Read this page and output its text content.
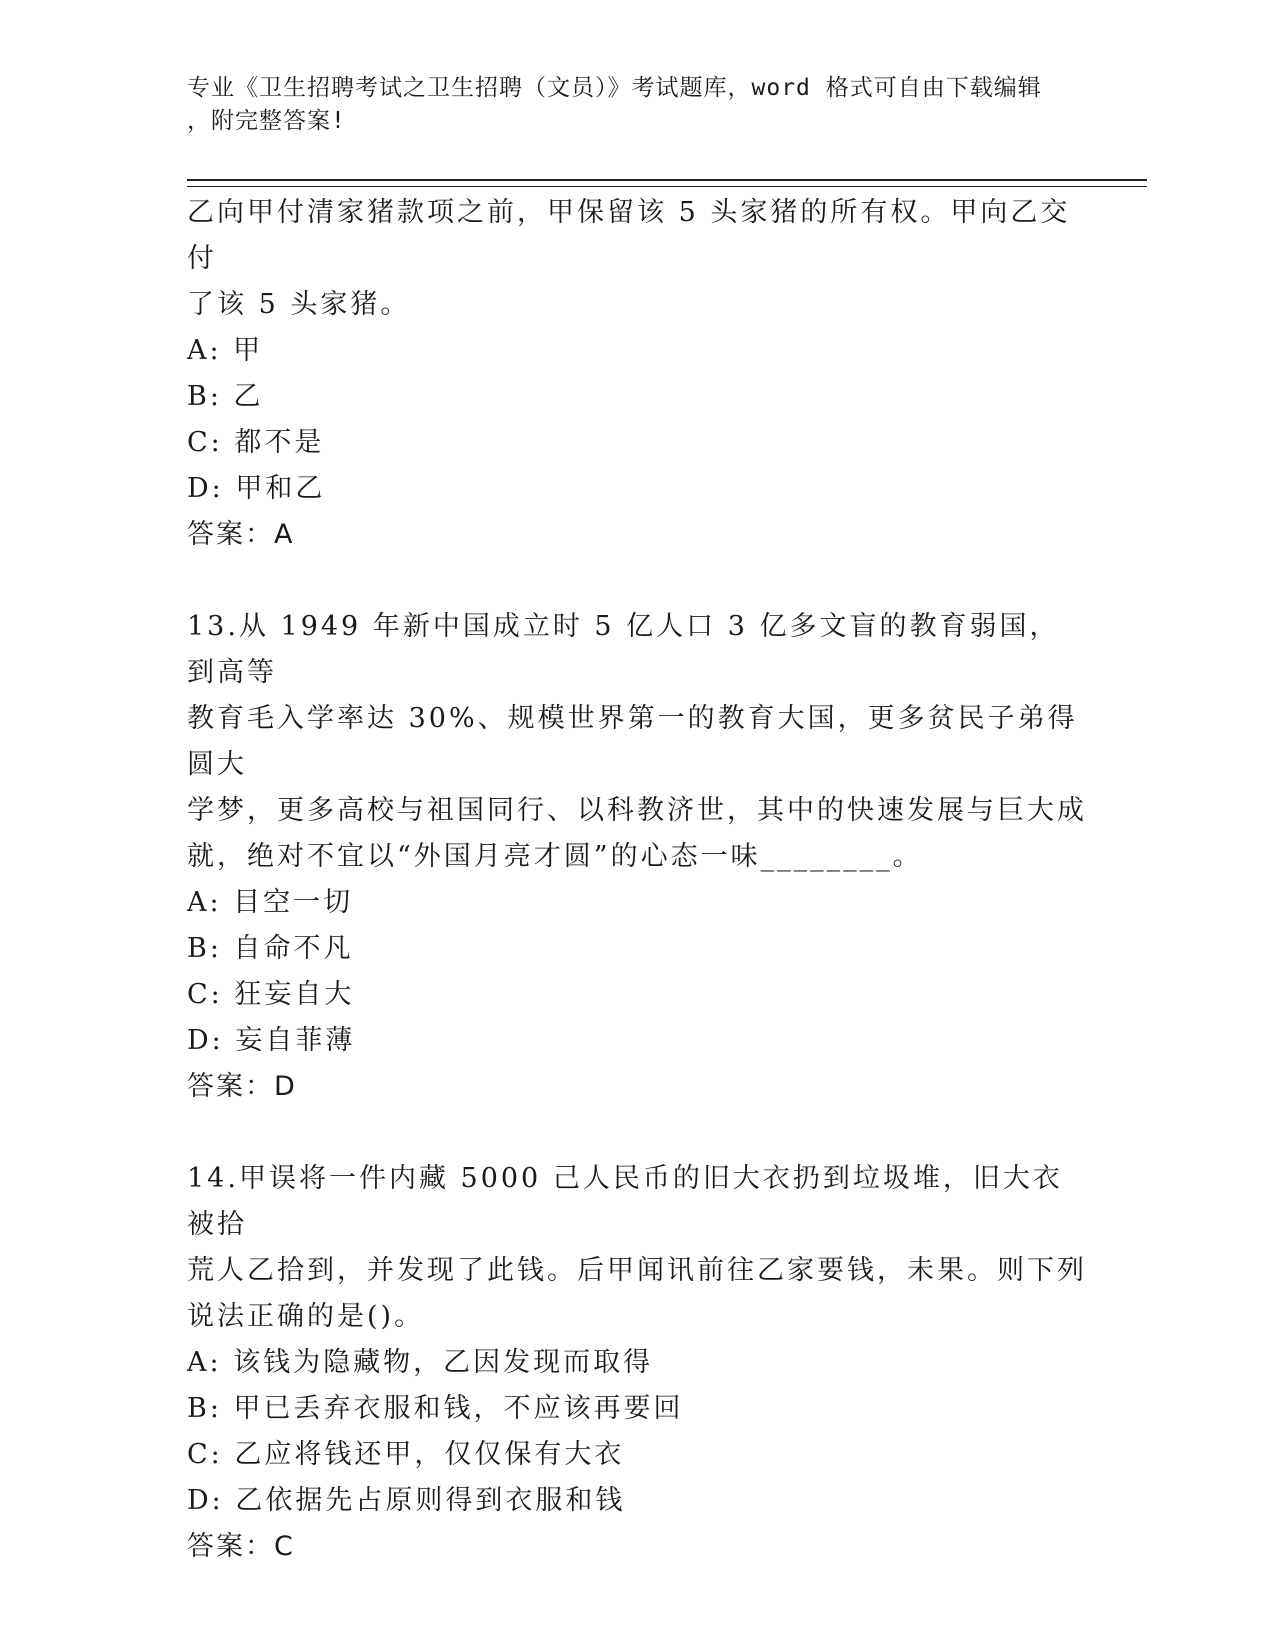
专业《卫生招聘考试之卫生招聘（文员）》考试题库，word 格式可自由下载编辑
，附完整答案!

乙向甲付清家猪款项之前，甲保留该 5 头家猪的所有权。甲向乙交付

了该 5 头家猪。

A: 甲

B: 乙

C: 都不是

D: 甲和乙

答案：A

13.从 1949 年新中国成立时 5 亿人口 3 亿多文盲的教育弱国，到高等

教育毛入学率达 30%、规模世界第一的教育大国，更多贫民子弟得圆大

学梦，更多高校与祖国同行、以科教济世，其中的快速发展与巨大成

就，绝对不宜以“外国月亮才圆”的心态一味________。

A: 目空一切

B: 自命不凡

C: 狂妄自大

D: 妄自菲薄

答案：D

14.甲误将一件内藏 5000 己人民币的旧大衣扔到垃圾堆，旧大衣被拾

荒人乙拾到，并发现了此钱。后甲闻讯前往乙家要钱，未果。则下列

说法正确的是()。

A: 该钱为隐藏物，乙因发现而取得

B: 甲已丢弃衣服和钱，不应该再要回

C: 乙应将钱还甲，仅仅保有大衣

D: 乙依据先占原则得到衣服和钱

答案：C
